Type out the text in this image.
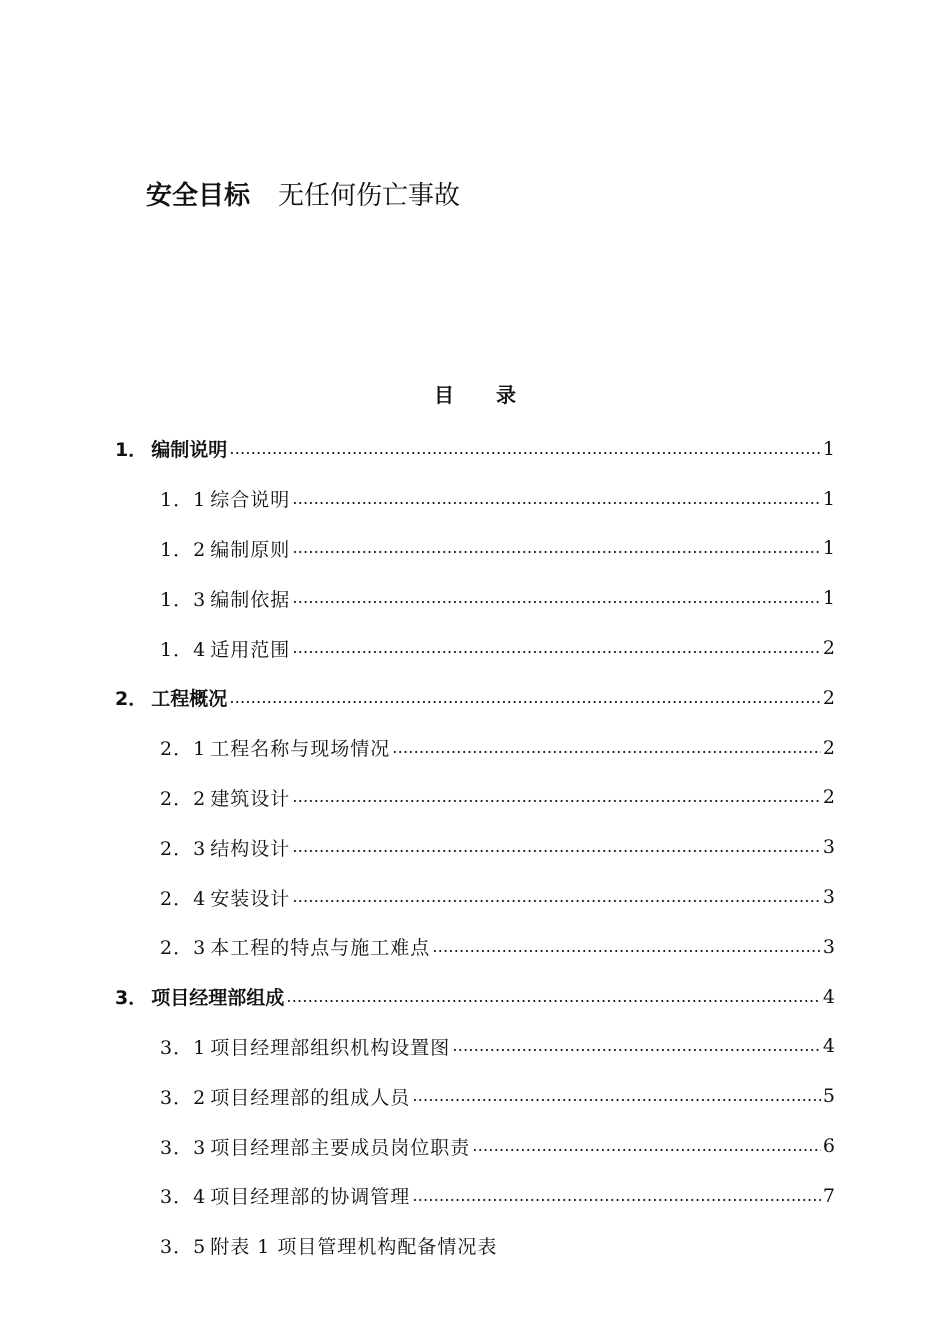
安全目标 无任何伤亡事故
目录
1． 编制说明 ……………………………………………………………………………………………………………………………………………………	1
1．1 综合说明 ……………………………………………………………………………………………………………………………………………………	1
1．2 编制原则 ……………………………………………………………………………………………………………………………………………………	1
1．3 编制依据 ……………………………………………………………………………………………………………………………………………………	1
1．4 适用范围 ……………………………………………………………………………………………………………………………………………………	2
2． 工程概况 ……………………………………………………………………………………………………………………………………………………	2
2．1 工程名称与现场情况 ……………………………………………………………………………………………………………………………………………………	2
2．2 建筑设计 ……………………………………………………………………………………………………………………………………………………	2
2．3 结构设计 ……………………………………………………………………………………………………………………………………………………	3
2．4 安装设计 ……………………………………………………………………………………………………………………………………………………	3
2．3 本工程的特点与施工难点 ……………………………………………………………………………………………………………………………………………………	3
3． 项目经理部组成 ……………………………………………………………………………………………………………………………………………………	4
3．1 项目经理部组织机构设置图 ……………………………………………………………………………………………………………………………………………………	4
3．2 项目经理部的组成人员 ……………………………………………………………………………………………………………………………………………………	5
3．3 项目经理部主要成员岗位职责 ……………………………………………………………………………………………………………………………………………………	6
3．4 项目经理部的协调管理 ……………………………………………………………………………………………………………………………………………………	7
3．5 附表 1 项目管理机构配备情况表
